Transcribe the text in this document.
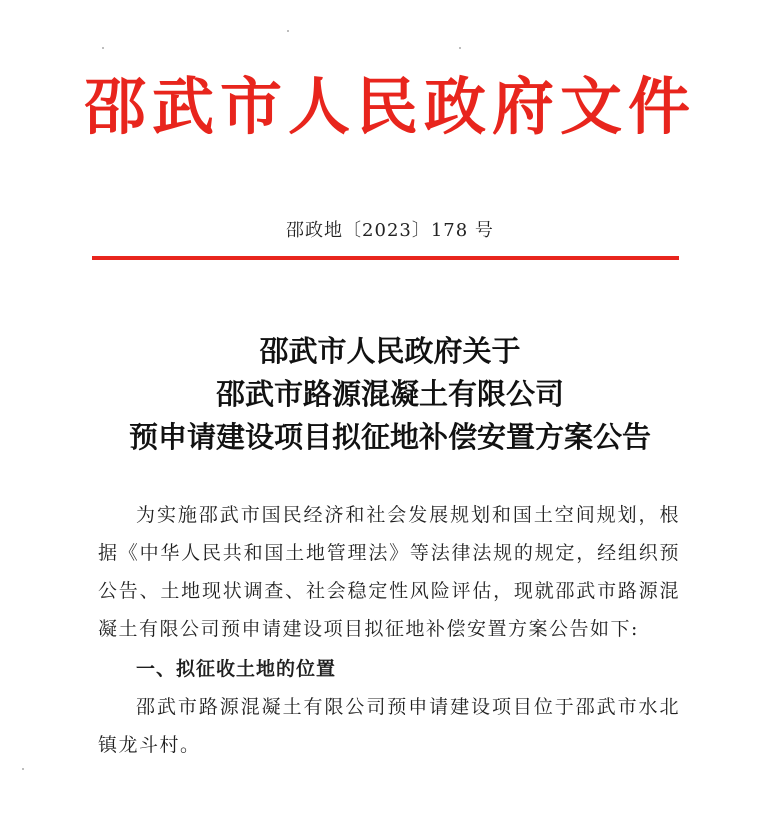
邵武市人民政府文件
邵政地〔2023〕178 号
邵武市人民政府关于
邵武市路源混凝土有限公司
预申请建设项目拟征地补偿安置方案公告

为实施邵武市国民经济和社会发展规划和国土空间规划，根据《中华人民共和国土地管理法》等法律法规的规定，经组织预公告、土地现状调查、社会稳定性风险评估，现就邵武市路源混凝土有限公司预申请建设项目拟征地补偿安置方案公告如下:

一、拟征收土地的位置

邵武市路源混凝土有限公司预申请建设项目位于邵武市水北镇龙斗村。
